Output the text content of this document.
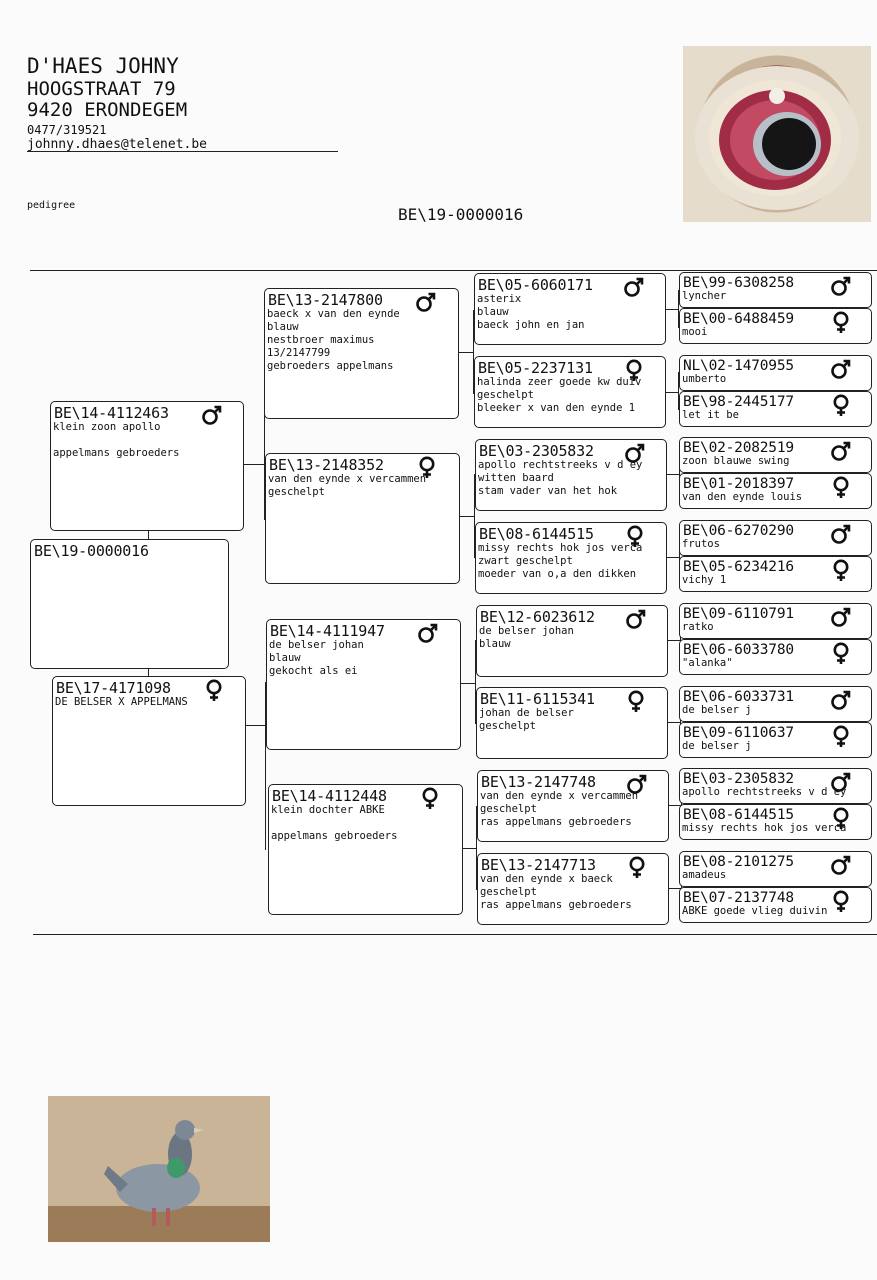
D'HAES JOHNY
HOOGSTRAAT 79
9420 ERONDEGEM
0477/319521
johnny.dhaes@telenet.be
pedigree	BE\19-0000016
BE\19-0000016
BE\14-4112463
klein zoon apollo
appelmans gebroeders
BE\17-4171098
DE BELSER X APPELMANS
BE\13-2147800
baeck x van den eynde
blauw
nestbroer maximus
13/2147799
gebroeders appelmans
BE\13-2148352
van den eynde x vercammen
geschelpt
BE\14-4111947
de belser johan
blauw
gekocht als ei
BE\14-4112448
klein dochter ABKE
appelmans gebroeders
BE\05-6060171
asterix
blauw
baeck john en jan
BE\05-2237131
halinda zeer goede kw duiv
geschelpt
bleeker x van den eynde 1
BE\03-2305832
apollo rechtstreeks v d ey
witten baard
stam vader van het hok
BE\08-6144515
missy rechts hok jos verca
zwart geschelpt
moeder van o,a den dikken
BE\12-6023612
de belser johan
blauw
BE\11-6115341
johan de belser
geschelpt
BE\13-2147748
van den eynde x vercammen
geschelpt
ras appelmans gebroeders
BE\13-2147713
van den eynde x baeck
geschelpt
ras appelmans gebroeders
BE\99-6308258
lyncher
BE\00-6488459
mooi
NL\02-1470955
umberto
BE\98-2445177
let it be
BE\02-2082519
zoon blauwe swing
BE\01-2018397
van den eynde louis
BE\06-6270290
frutos
BE\05-6234216
vichy 1
BE\09-6110791
ratko
BE\06-6033780
"alanka"
BE\06-6033731
de belser j
BE\09-6110637
de belser j
BE\03-2305832
apollo rechtstreeks v d ey
BE\08-6144515
missy rechts hok jos verca
BE\08-2101275
amadeus
BE\07-2137748
ABKE goede vlieg duivin
